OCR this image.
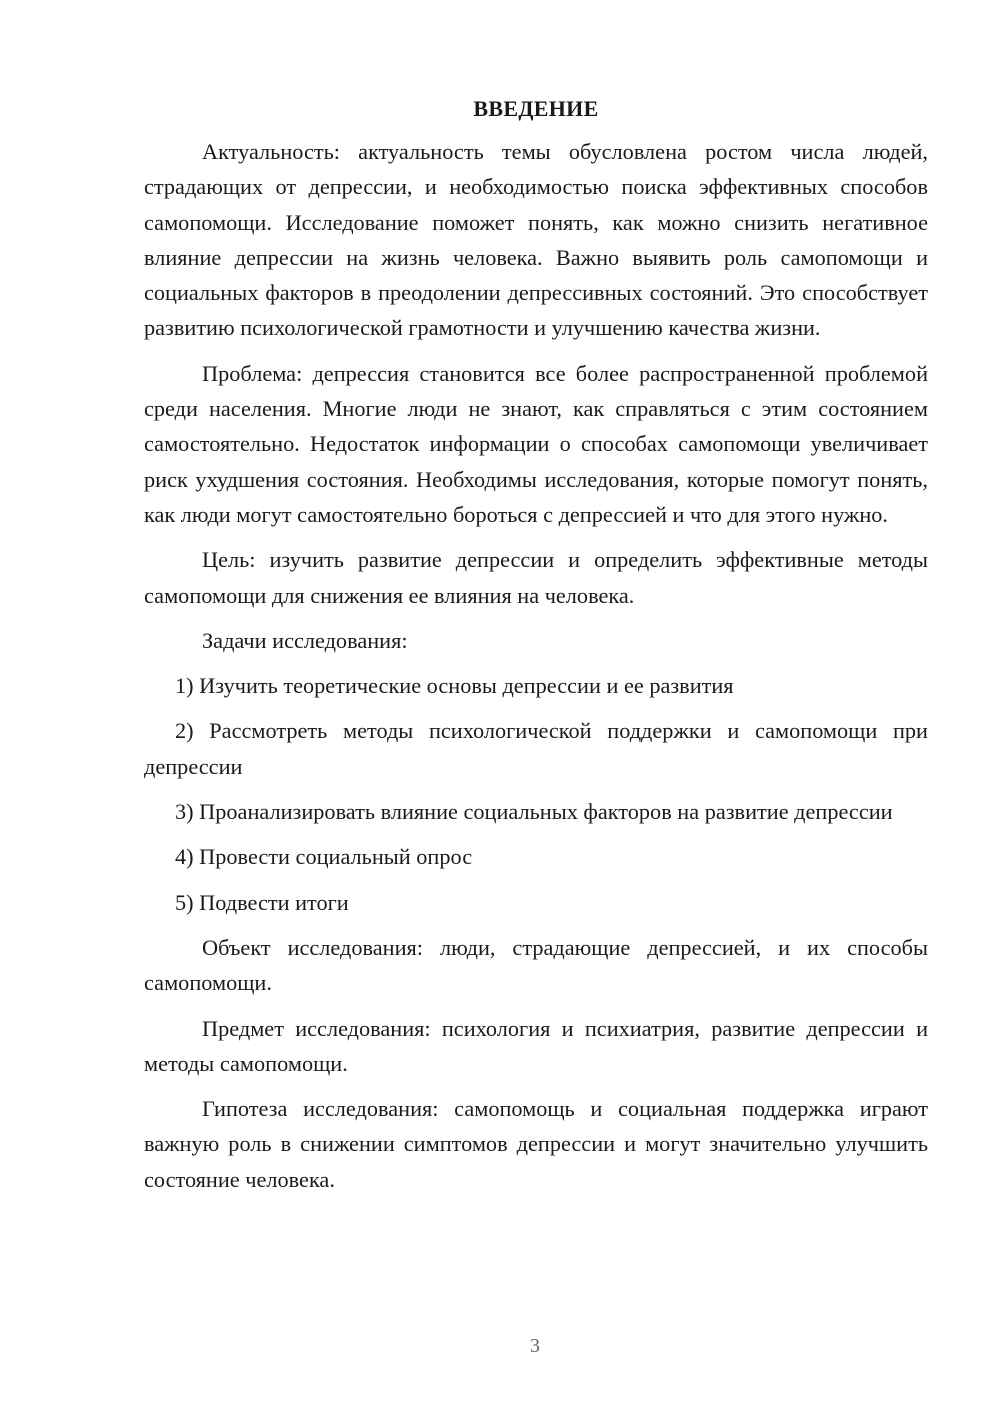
ВВЕДЕНИЕ

Актуальность: актуальность темы обусловлена ростом числа людей, страдающих от депрессии, и необходимостью поиска эффективных способов самопомощи. Исследование поможет понять, как можно снизить негативное влияние депрессии на жизнь человека. Важно выявить роль самопомощи и социальных факторов в преодолении депрессивных состояний. Это способствует развитию психологической грамотности и улучшению качества жизни.

Проблема: депрессия становится все более распространенной проблемой среди населения. Многие люди не знают, как справляться с этим состоянием самостоятельно. Недостаток информации о способах самопомощи увеличивает риск ухудшения состояния. Необходимы исследования, которые помогут понять, как люди могут самостоятельно бороться с депрессией и что для этого нужно.

Цель: изучить развитие депрессии и определить эффективные методы самопомощи для снижения ее влияния на человека.

Задачи исследования:

1) Изучить теоретические основы депрессии и ее развития

2) Рассмотреть методы психологической поддержки и самопомощи при депрессии

3) Проанализировать влияние социальных факторов на развитие депрессии

4) Провести социальный опрос

5) Подвести итоги

Объект исследования: люди, страдающие депрессией, и их способы самопомощи.

Предмет исследования: психология и психиатрия, развитие депрессии и методы самопомощи.

Гипотеза исследования: самопомощь и социальная поддержка играют важную роль в снижении симптомов депрессии и могут значительно улучшить состояние человека.

3
